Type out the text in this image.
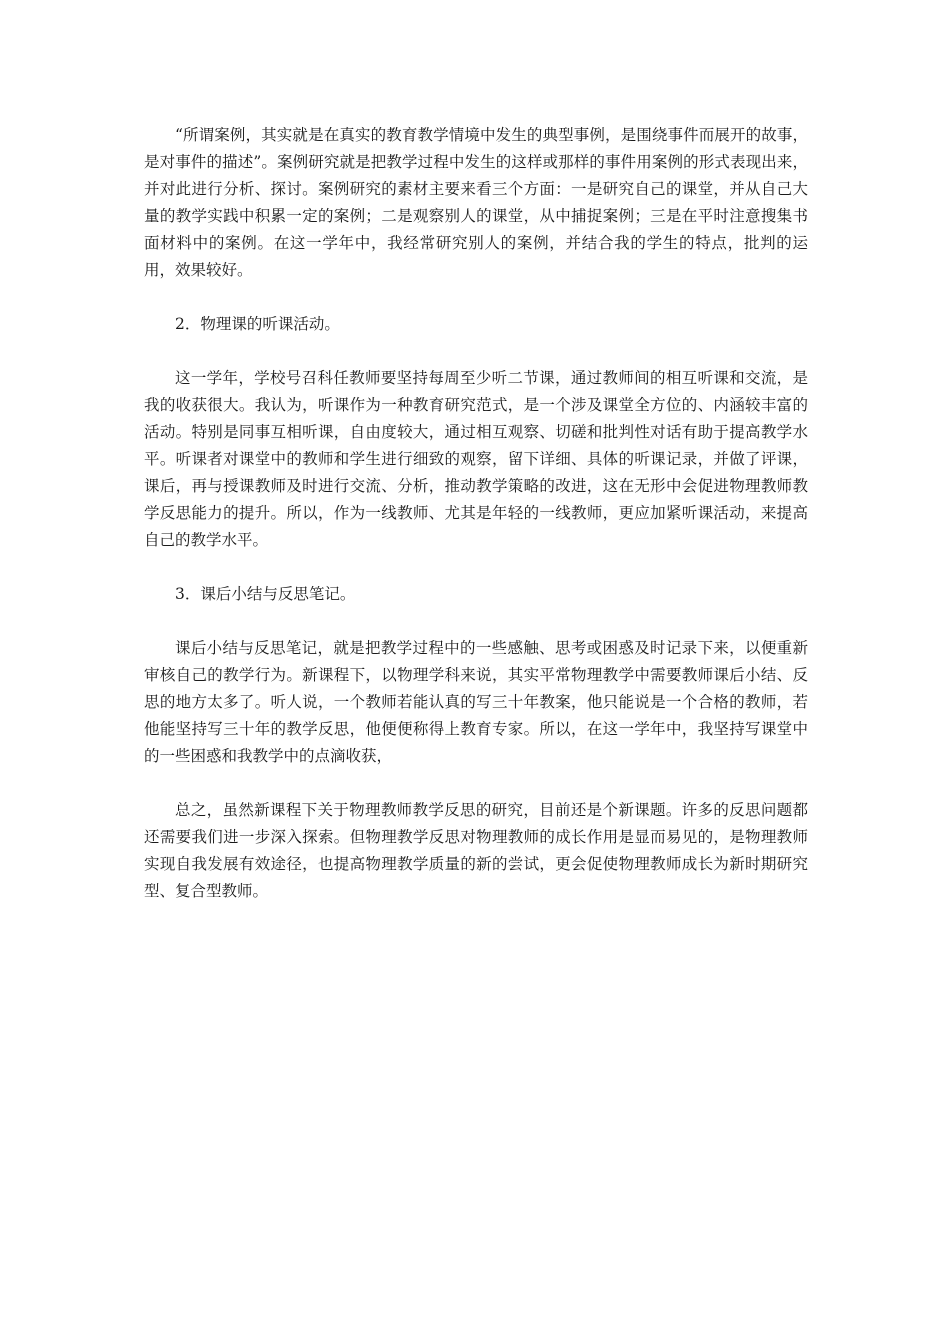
“所谓案例，其实就是在真实的教育教学情境中发生的典型事例，是围绕事件而展开的故事，是对事件的描述”。案例研究就是把教学过程中发生的这样或那样的事件用案例的形式表现出来，并对此进行分析、探讨。案例研究的素材主要来看三个方面：一是研究自己的课堂，并从自己大量的教学实践中积累一定的案例；二是观察别人的课堂，从中捕捉案例；三是在平时注意搜集书面材料中的案例。在这一学年中，我经常研究别人的案例，并结合我的学生的特点，批判的运用，效果较好。

2．物理课的听课活动。

这一学年，学校号召科任教师要坚持每周至少听二节课，通过教师间的相互听课和交流，是我的收获很大。我认为，听课作为一种教育研究范式，是一个涉及课堂全方位的、内涵较丰富的活动。特别是同事互相听课，自由度较大，通过相互观察、切磋和批判性对话有助于提高教学水平。听课者对课堂中的教师和学生进行细致的观察，留下详细、具体的听课记录，并做了评课，课后，再与授课教师及时进行交流、分析，推动教学策略的改进，这在无形中会促进物理教师教学反思能力的提升。所以，作为一线教师、尤其是年轻的一线教师，更应加紧听课活动，来提高自己的教学水平。

3．课后小结与反思笔记。

课后小结与反思笔记，就是把教学过程中的一些感触、思考或困惑及时记录下来，以便重新审核自己的教学行为。新课程下，以物理学科来说，其实平常物理教学中需要教师课后小结、反思的地方太多了。听人说，一个教师若能认真的写三十年教案，他只能说是一个合格的教师，若他能坚持写三十年的教学反思，他便便称得上教育专家。所以，在这一学年中，我坚持写课堂中的一些困惑和我教学中的点滴收获，

总之，虽然新课程下关于物理教师教学反思的研究，目前还是个新课题。许多的反思问题都还需要我们进一步深入探索。但物理教学反思对物理教师的成长作用是显而易见的，是物理教师实现自我发展有效途径，也提高物理教学质量的新的尝试，更会促使物理教师成长为新时期研究型、复合型教师。
